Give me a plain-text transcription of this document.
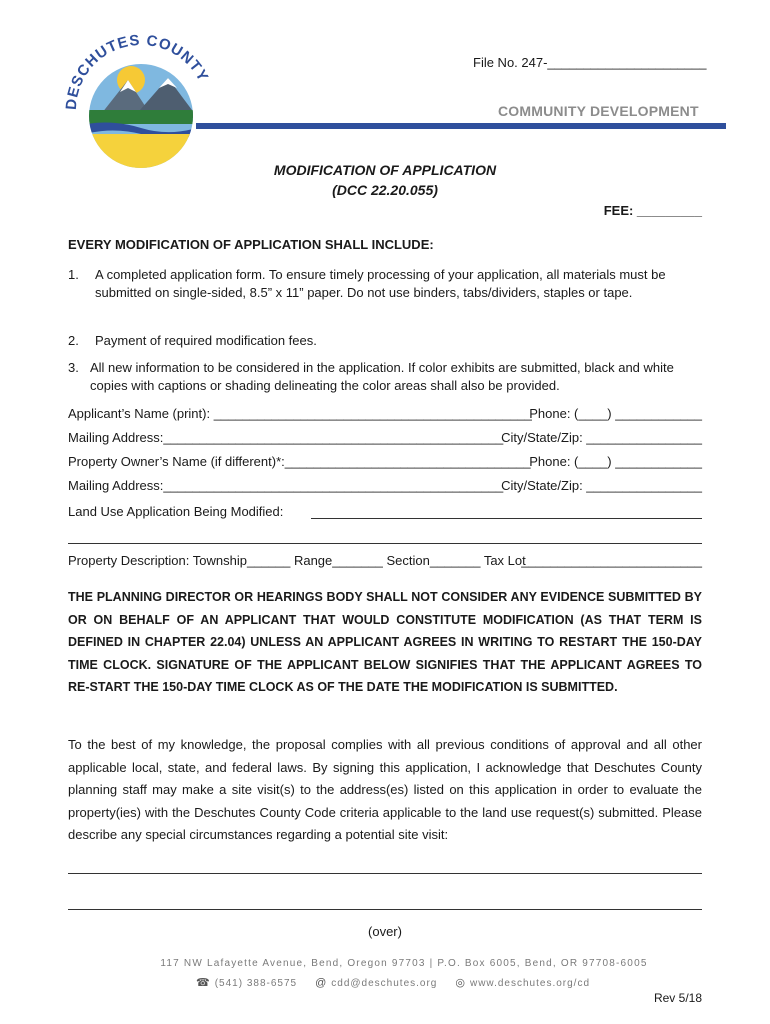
DESCHUTES COUNTY
File No. 247-______________________
COMMUNITY DEVELOPMENT
MODIFICATION OF APPLICATION
(DCC 22.20.055)
FEE: _________
EVERY MODIFICATION OF APPLICATION SHALL INCLUDE:
1. A completed application form. To ensure timely processing of your application, all materials must be submitted on single-sided, 8.5” x 11” paper. Do not use binders, tabs/dividers, staples or tape.
2. Payment of required modification fees.
3. All new information to be considered in the application. If color exhibits are submitted, black and white copies with captions or shading delineating the color areas shall also be provided.
Applicant’s Name (print): ____________________________________________
Phone: (____) ____________
Mailing Address:_______________________________________________
City/State/Zip: ________________
Property Owner’s Name (if different)*:__________________________________
Phone: (____) ____________
Mailing Address:_______________________________________________
City/State/Zip: ________________
Land Use Application Being Modified:
Property Description: Township______ Range_______ Section_______ Tax Lot
_________________________
THE PLANNING DIRECTOR OR HEARINGS BODY SHALL NOT CONSIDER ANY EVIDENCE SUBMITTED BY OR ON BEHALF OF AN APPLICANT THAT WOULD CONSTITUTE MODIFICATION (AS THAT TERM IS DEFINED IN CHAPTER 22.04) UNLESS AN APPLICANT AGREES IN WRITING TO RESTART THE 150-DAY TIME CLOCK. SIGNATURE OF THE APPLICANT BELOW SIGNIFIES THAT THE APPLICANT AGREES TO RE-START THE 150-DAY TIME CLOCK AS OF THE DATE THE MODIFICATION IS SUBMITTED.
To the best of my knowledge, the proposal complies with all previous conditions of approval and all other applicable local, state, and federal laws. By signing this application, I acknowledge that Deschutes County planning staff may make a site visit(s) to the address(es) listed on this application in order to evaluate the property(ies) with the Deschutes County Code criteria applicable to the land use request(s) submitted. Please describe any special circumstances regarding a potential site visit:
(over)
117 NW Lafayette Avenue, Bend, Oregon 97703 | P.O. Box 6005, Bend, OR 97708-6005
☎ (541) 388-6575 @ cdd@deschutes.org ◎ www.deschutes.org/cd
Rev 5/18
